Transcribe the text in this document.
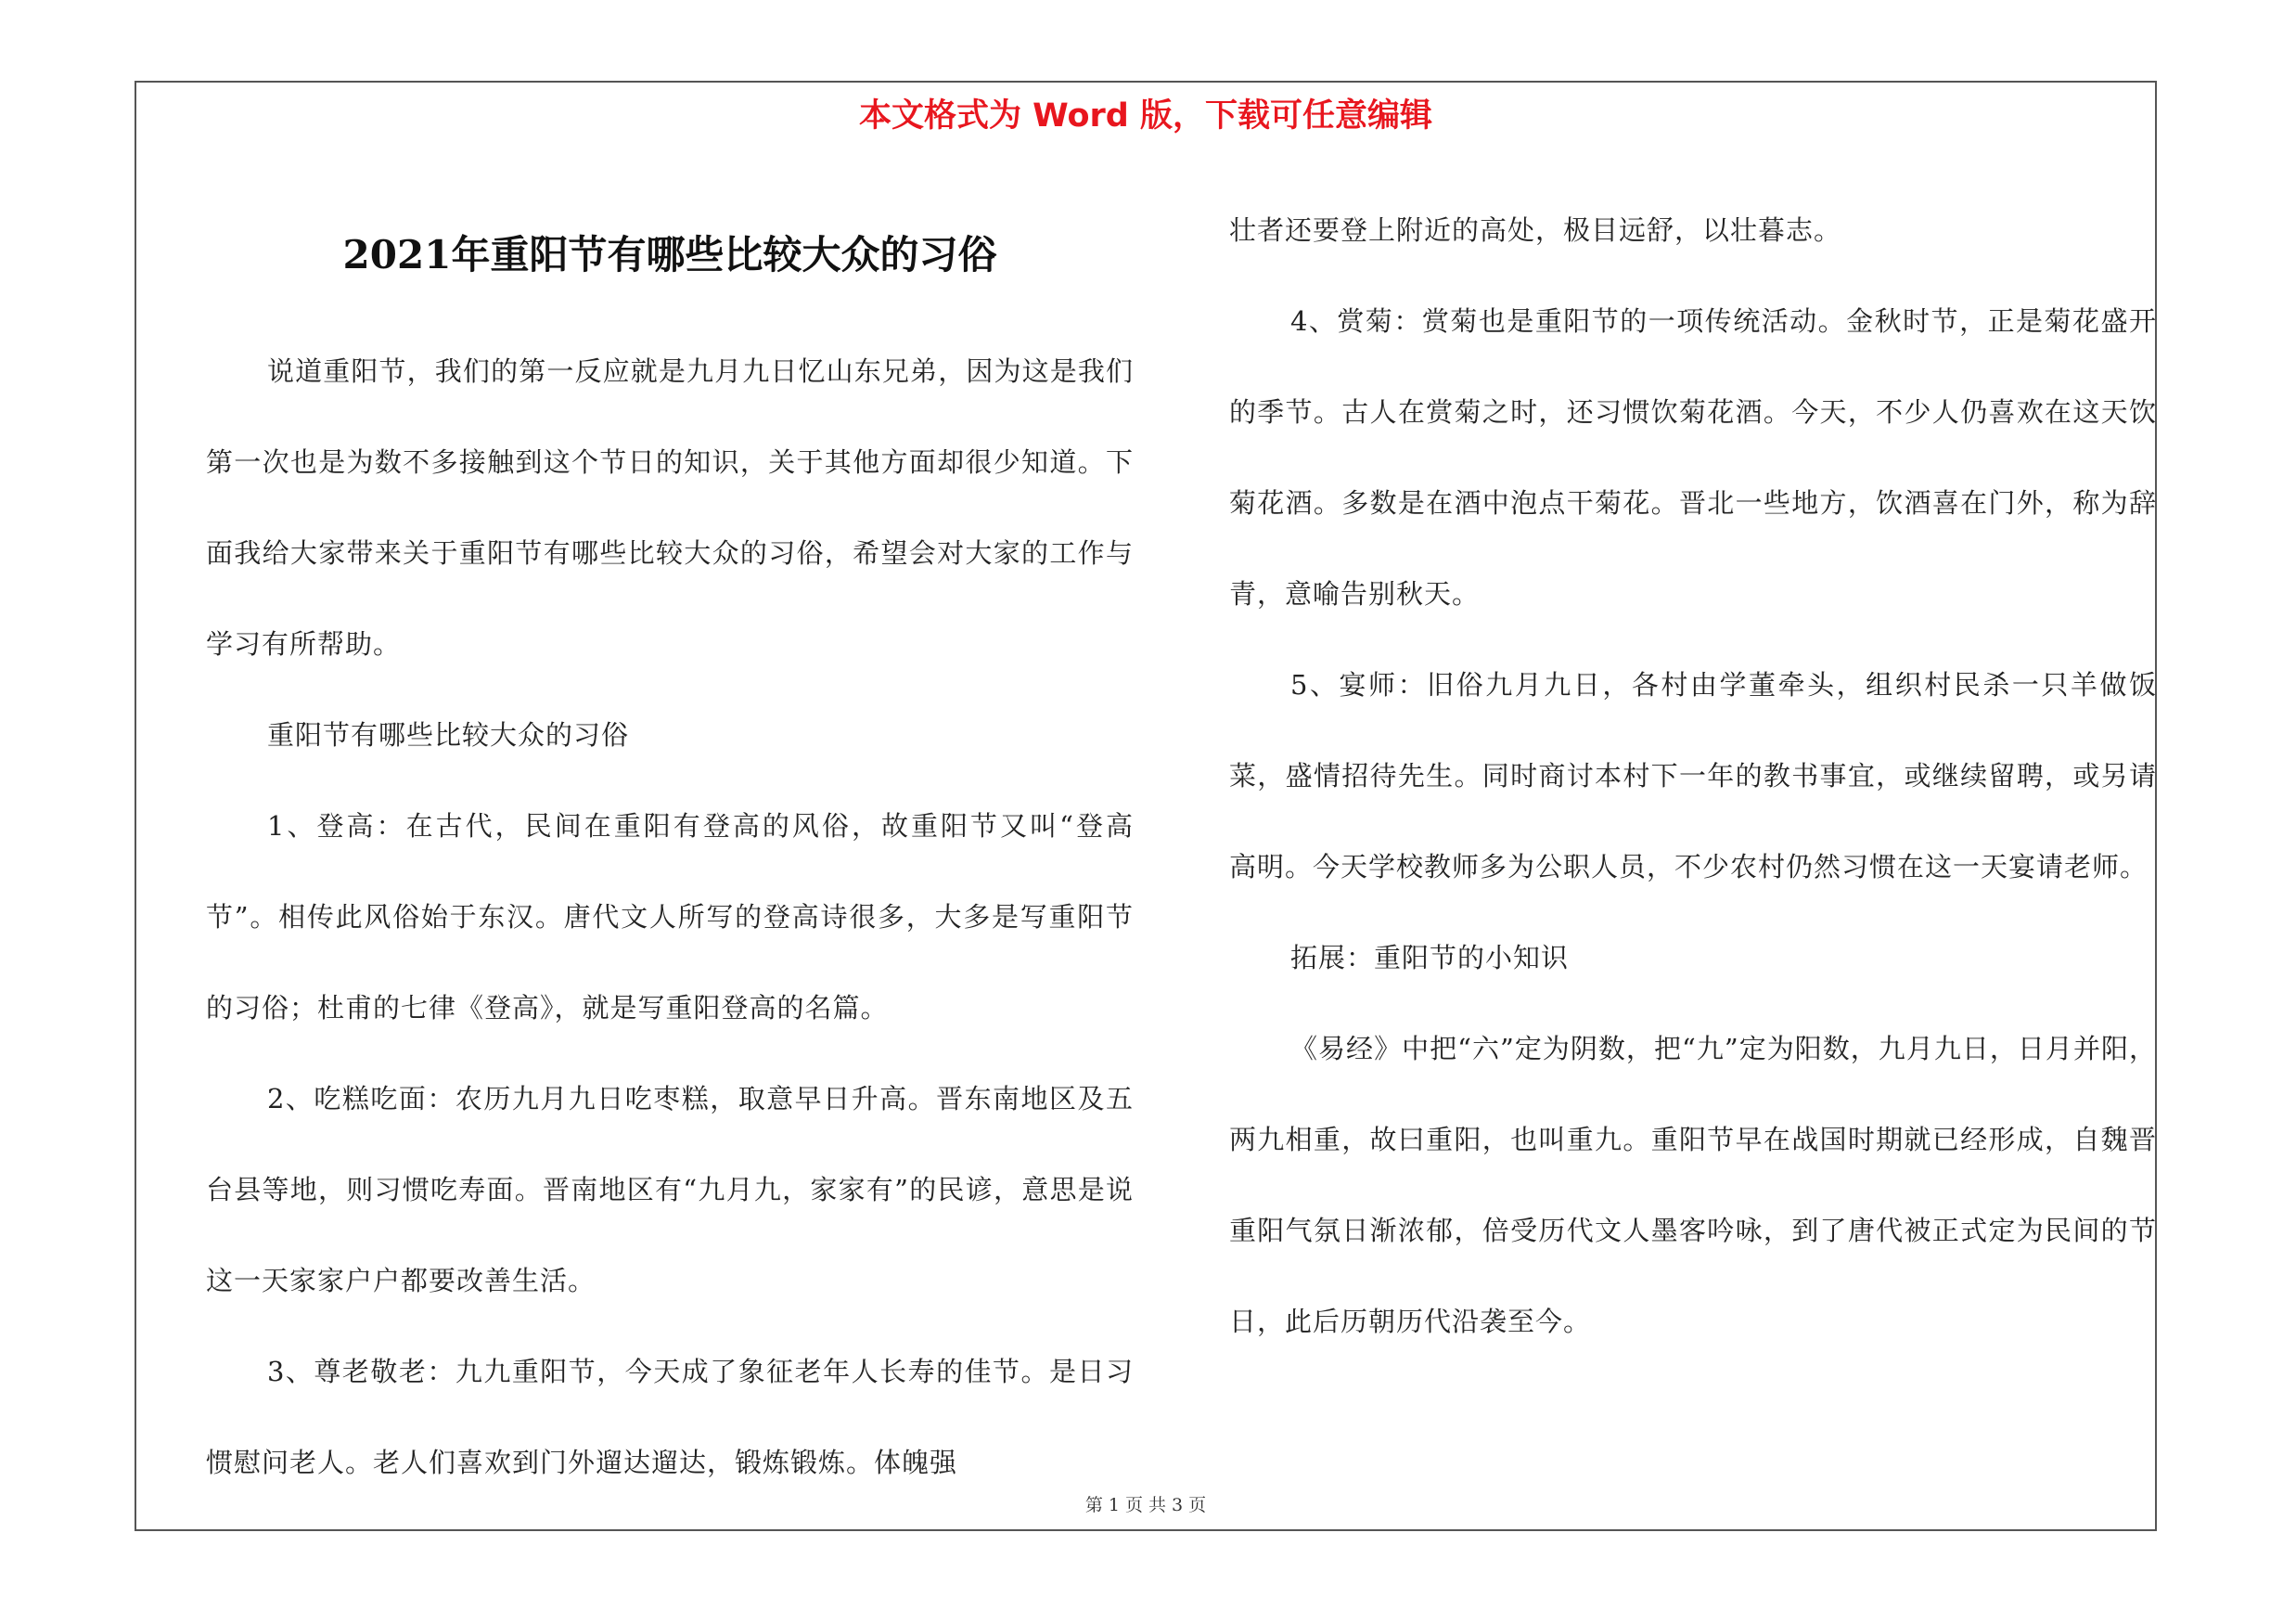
本文格式为 Word 版，下载可任意编辑
2021年重阳节有哪些比较大众的习俗

说道重阳节，我们的第一反应就是九月九日忆山东兄弟，因为这是我们第一次也是为数不多接触到这个节日的知识，关于其他方面却很少知道。下面我给大家带来关于重阳节有哪些比较大众的习俗，希望会对大家的工作与学习有所帮助。

重阳节有哪些比较大众的习俗

1、登高：在古代，民间在重阳有登高的风俗，故重阳节又叫“登高节”。相传此风俗始于东汉。唐代文人所写的登高诗很多，大多是写重阳节的习俗；杜甫的七律《登高》，就是写重阳登高的名篇。

2、吃糕吃面：农历九月九日吃枣糕，取意早日升高。晋东南地区及五台县等地，则习惯吃寿面。晋南地区有“九月九，家家有”的民谚，意思是说这一天家家户户都要改善生活。

3、尊老敬老：九九重阳节，今天成了象征老年人长寿的佳节。是日习惯慰问老人。老人们喜欢到门外遛达遛达，锻炼锻炼。体魄强

壮者还要登上附近的高处，极目远舒，以壮暮志。

4、赏菊：赏菊也是重阳节的一项传统活动。金秋时节，正是菊花盛开的季节。古人在赏菊之时，还习惯饮菊花酒。今天，不少人仍喜欢在这天饮菊花酒。多数是在酒中泡点干菊花。晋北一些地方，饮酒喜在门外，称为辞青，意喻告别秋天。

5、宴师：旧俗九月九日，各村由学董牵头，组织村民杀一只羊做饭菜，盛情招待先生。同时商讨本村下一年的教书事宜，或继续留聘，或另请高明。今天学校教师多为公职人员，不少农村仍然习惯在这一天宴请老师。

拓展：重阳节的小知识

《易经》中把“六”定为阴数，把“九”定为阳数，九月九日，日月并阳，两九相重，故曰重阳，也叫重九。重阳节早在战国时期就已经形成，自魏晋重阳气氛日渐浓郁，倍受历代文人墨客吟咏，到了唐代被正式定为民间的节日，此后历朝历代沿袭至今。

第 1 页 共 3 页
